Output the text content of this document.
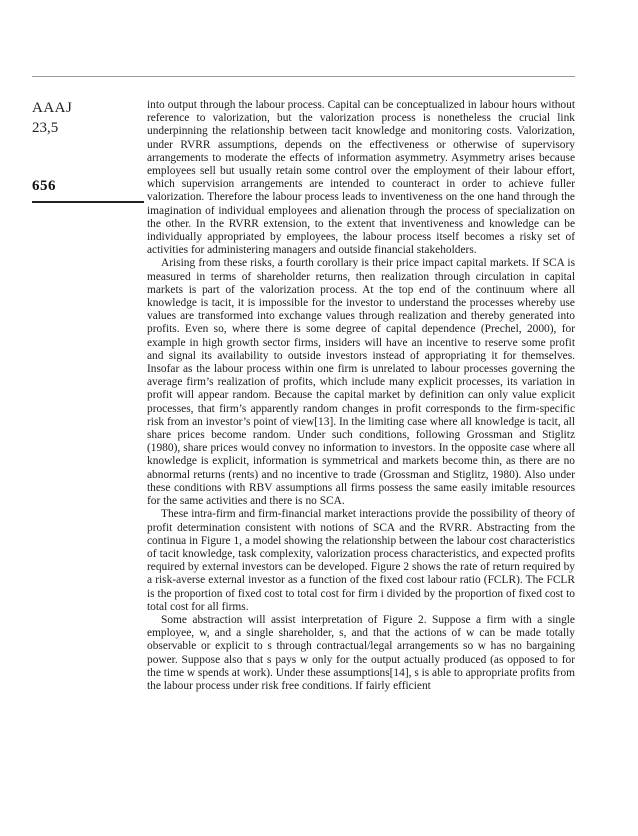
AAAJ
23,5
656

into output through the labour process. Capital can be conceptualized in labour hours without reference to valorization, but the valorization process is nonetheless the crucial link underpinning the relationship between tacit knowledge and monitoring costs. Valorization, under RVRR assumptions, depends on the effectiveness or otherwise of supervisory arrangements to moderate the effects of information asymmetry. Asymmetry arises because employees sell but usually retain some control over the employment of their labour effort, which supervision arrangements are intended to counteract in order to achieve fuller valorization. Therefore the labour process leads to inventiveness on the one hand through the imagination of individual employees and alienation through the process of specialization on the other. In the RVRR extension, to the extent that inventiveness and knowledge can be individually appropriated by employees, the labour process itself becomes a risky set of activities for administering managers and outside financial stakeholders.

Arising from these risks, a fourth corollary is their price impact capital markets. If SCA is measured in terms of shareholder returns, then realization through circulation in capital markets is part of the valorization process. At the top end of the continuum where all knowledge is tacit, it is impossible for the investor to understand the processes whereby use values are transformed into exchange values through realization and thereby generated into profits. Even so, where there is some degree of capital dependence (Prechel, 2000), for example in high growth sector firms, insiders will have an incentive to reserve some profit and signal its availability to outside investors instead of appropriating it for themselves. Insofar as the labour process within one firm is unrelated to labour processes governing the average firm’s realization of profits, which include many explicit processes, its variation in profit will appear random. Because the capital market by definition can only value explicit processes, that firm’s apparently random changes in profit corresponds to the firm-specific risk from an investor’s point of view[13]. In the limiting case where all knowledge is tacit, all share prices become random. Under such conditions, following Grossman and Stiglitz (1980), share prices would convey no information to investors. In the opposite case where all knowledge is explicit, information is symmetrical and markets become thin, as there are no abnormal returns (rents) and no incentive to trade (Grossman and Stiglitz, 1980). Also under these conditions with RBV assumptions all firms possess the same easily imitable resources for the same activities and there is no SCA.

These intra-firm and firm-financial market interactions provide the possibility of theory of profit determination consistent with notions of SCA and the RVRR. Abstracting from the continua in Figure 1, a model showing the relationship between the labour cost characteristics of tacit knowledge, task complexity, valorization process characteristics, and expected profits required by external investors can be developed. Figure 2 shows the rate of return required by a risk-averse external investor as a function of the fixed cost labour ratio (FCLR). The FCLR is the proportion of fixed cost to total cost for firm i divided by the proportion of fixed cost to total cost for all firms.

Some abstraction will assist interpretation of Figure 2. Suppose a firm with a single employee, w, and a single shareholder, s, and that the actions of w can be made totally observable or explicit to s through contractual/legal arrangements so w has no bargaining power. Suppose also that s pays w only for the output actually produced (as opposed to for the time w spends at work). Under these assumptions[14], s is able to appropriate profits from the labour process under risk free conditions. If fairly efficient
